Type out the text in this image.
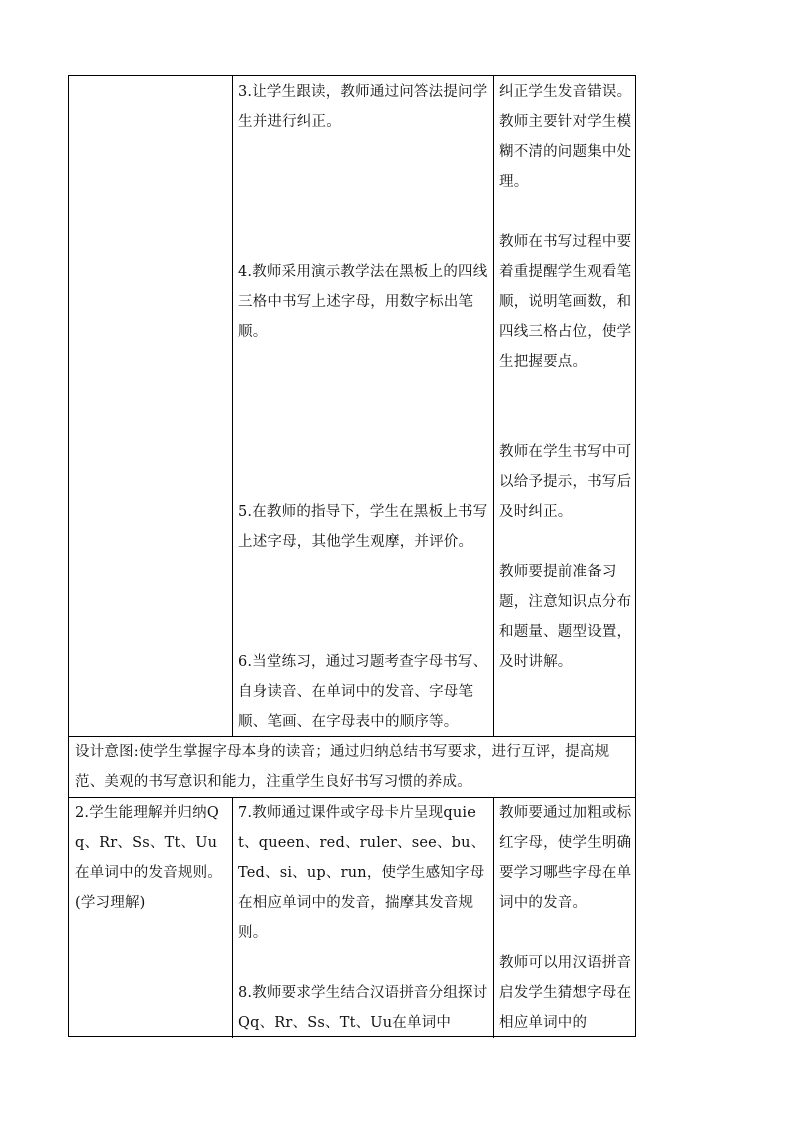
3.让学生跟读，教师通过问答法提问学生并进行纠正。
4.教师采用演示教学法在黑板上的四线三格中书写上述字母，用数字标出笔顺。
5.在教师的指导下，学生在黑板上书写上述字母，其他学生观摩，并评价。
6.当堂练习，通过习题考查字母书写、自身读音、在单词中的发音、字母笔顺、笔画、在字母表中的顺序等。
纠正学生发音错误。教师主要针对学生模糊不清的问题集中处理。
教师在书写过程中要着重提醒学生观看笔顺，说明笔画数，和四线三格占位，使学生把握要点。
教师在学生书写中可以给予提示，书写后及时纠正。
教师要提前准备习题，注意知识点分布和题量、题型设置，及时讲解。
设计意图:使学生掌握字母本身的读音；通过归纳总结书写要求，进行互评，提高规范、美观的书写意识和能力，注重学生良好书写习惯的养成。
2.学生能理解并归纳Qq、Rr、Ss、Tt、Uu在单词中的发音规则。(学习理解)
7.教师通过课件或字母卡片呈现quiet、queen、red、ruler、see、bu、Ted、si、up、run，使学生感知字母在相应单词中的发音，揣摩其发音规则。
教师要通过加粗或标红字母，使学生明确要学习哪些字母在单词中的发音。
8.教师要求学生结合汉语拼音分组探讨Qq、Rr、Ss、Tt、Uu在单词中
教师可以用汉语拼音启发学生猜想字母在相应单词中的
